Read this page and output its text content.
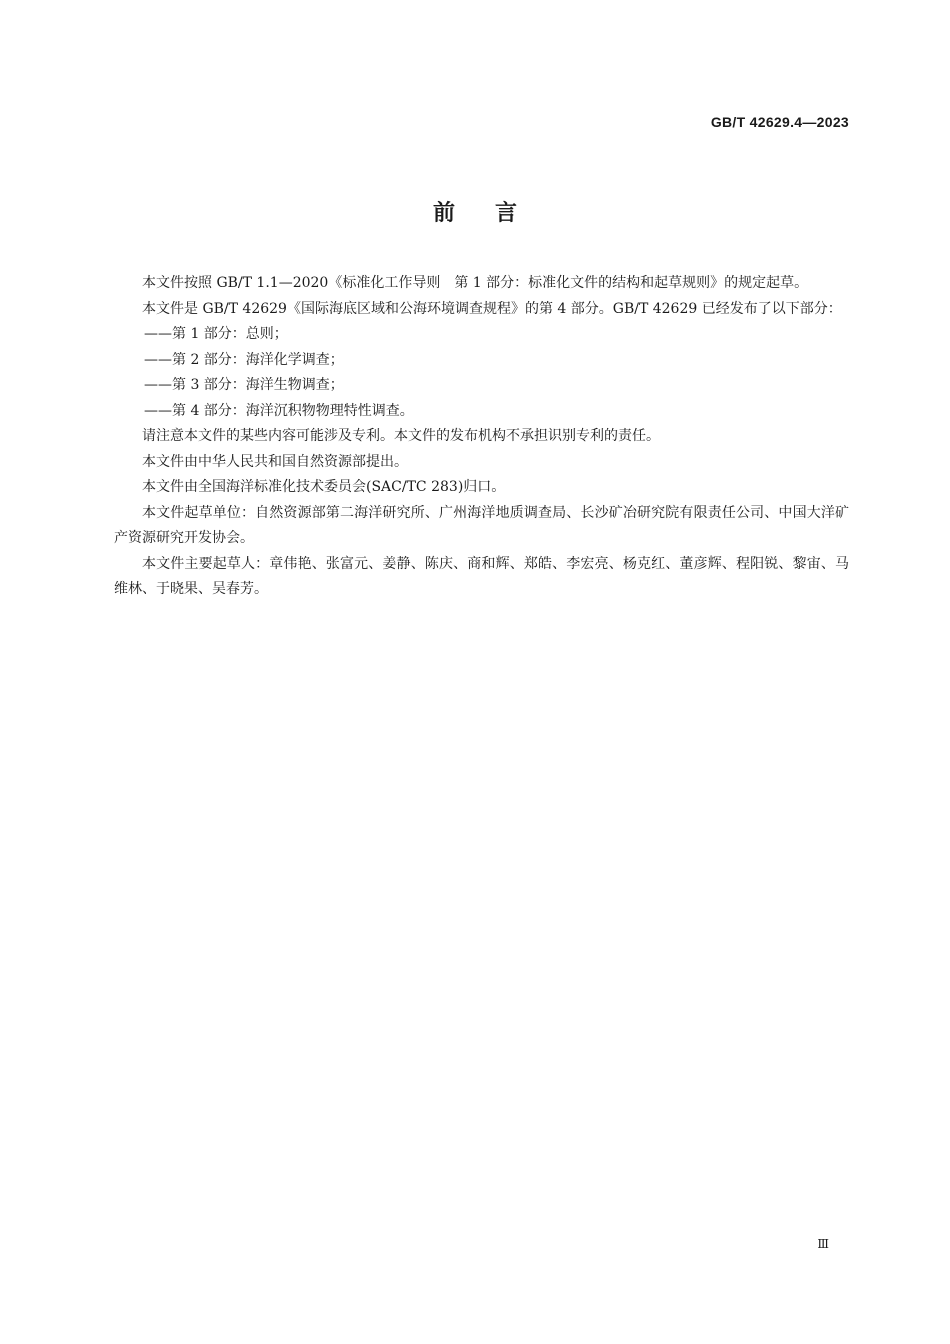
GB/T 42629.4—2023
前言

本文件按照 GB/T 1.1—2020《标准化工作导则　第 1 部分：标准化文件的结构和起草规则》的规定起草。

本文件是 GB/T 42629《国际海底区域和公海环境调查规程》的第 4 部分。GB/T 42629 已经发布了以下部分：

——第 1 部分：总则；

——第 2 部分：海洋化学调查；

——第 3 部分：海洋生物调查；

——第 4 部分：海洋沉积物物理特性调查。

请注意本文件的某些内容可能涉及专利。本文件的发布机构不承担识别专利的责任。

本文件由中华人民共和国自然资源部提出。

本文件由全国海洋标准化技术委员会(SAC/TC 283)归口。

本文件起草单位：自然资源部第二海洋研究所、广州海洋地质调查局、长沙矿冶研究院有限责任公司、中国大洋矿产资源研究开发协会。

本文件主要起草人：章伟艳、张富元、姜静、陈庆、商和辉、郑皓、李宏亮、杨克红、董彦辉、程阳锐、黎宙、马维林、于晓果、吴春芳。

Ⅲ
